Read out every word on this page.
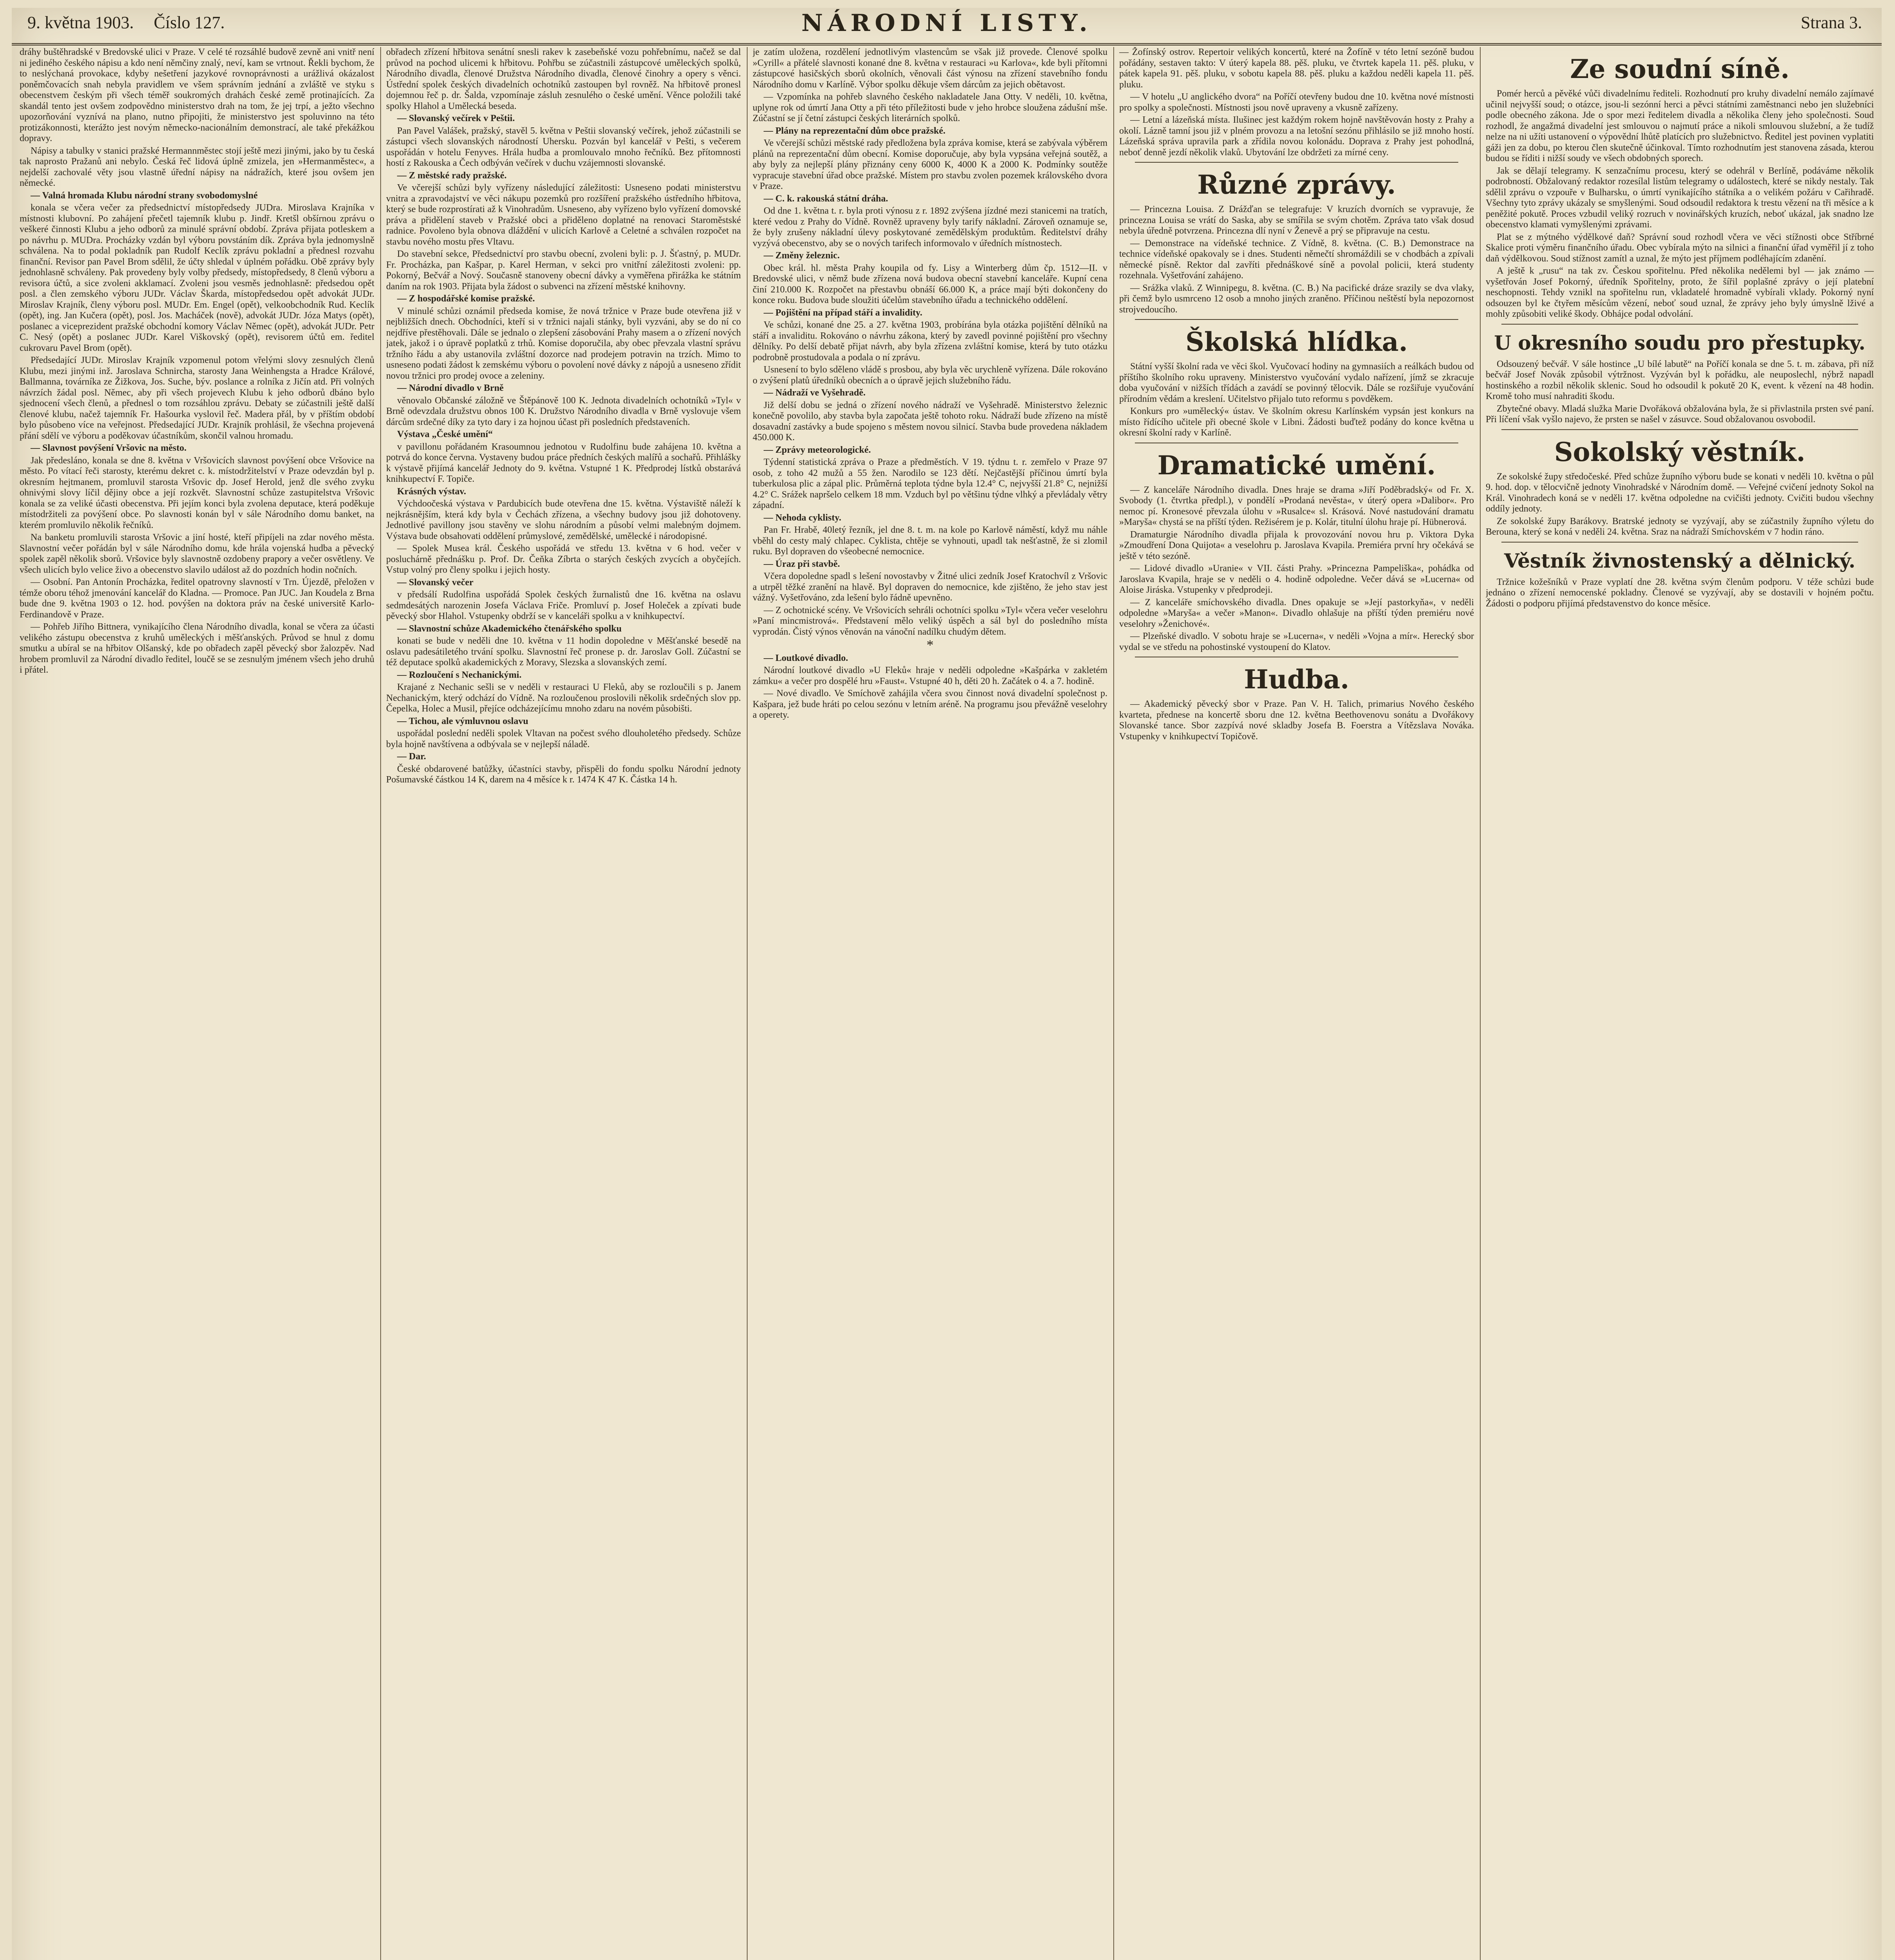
9. května 1903. Číslo 127.	NÁRODNÍ LISTY.	Strana 3.

dráhy buštěhradské v Bredovské ulici v Praze. V celé té rozsáhlé budově zevně ani vnitř není ni jediného českého nápisu a kdo není němčiny znalý, neví, kam se vrtnout. Řekli bychom, že to neslýchaná provokace, kdyby nešetření jazykové rovnoprávnosti a urážlivá okázalost poněmčovacích snah nebyla pravidlem ve všem správním jednání a zvláště ve styku s obecenstvem českým při všech téměř soukromých drahách české země protinajících. Za skandál tento jest ovšem zodpovědno ministerstvo drah na tom, že jej trpí, a ježto všechno upozorňování vyznívá na plano, nutno připojiti, že ministerstvo jest spoluvinno na této protizákonnosti, kterážto jest novým německo-nacionálním demonstrací, ale také překážkou dopravy.

Nápisy a tabulky v stanici pražské Hermannměstec stojí ještě mezi jinými, jako by tu česká tak naprosto Pražanů ani nebylo. Česká řeč lidová úplně zmizela, jen »Hermanměstec«, a nejdelší zachovalé věty jsou vlastně úřední nápisy na nádražích, které jsou ovšem jen německé.

— Valná hromada Klubu národní strany svobodomyslné

konala se včera večer za předsednictví místopředsedy JUDra. Miroslava Krajníka v místnosti klubovní. Po zahájení přečetl tajemník klubu p. Jindř. Kretšl obšírnou zprávu o veškeré činnosti Klubu a jeho odborů za minulé správní období. Zpráva přijata potleskem a po návrhu p. MUDra. Procházky vzdán byl výboru povstáním dík. Zpráva byla jednomyslně schválena. Na to podal pokladník pan Rudolf Keclík zprávu pokladní a přednesl rozvahu finanční. Revisor pan Pavel Brom sdělil, že účty shledal v úplném pořádku. Obě zprávy byly jednohlasně schváleny. Pak provedeny byly volby předsedy, místopředsedy, 8 členů výboru a revisora účtů, a sice zvoleni akklamací. Zvoleni jsou vesměs jednohlasně: předsedou opět posl. a člen zemského výboru JUDr. Václav Škarda, místopředsedou opět advokát JUDr. Miroslav Krajník, členy výboru posl. MUDr. Em. Engel (opět), velkoobchodník Rud. Keclík (opět), ing. Jan Kučera (opět), posl. Jos. Macháček (nově), advokát JUDr. Józa Matys (opět), poslanec a viceprezident pražské obchodní komory Václav Němec (opět), advokát JUDr. Petr C. Nesý (opět) a poslanec JUDr. Karel Viškovský (opět), revisorem účtů em. ředitel cukrovaru Pavel Brom (opět).

Předsedající JUDr. Miroslav Krajník vzpomenul potom vřelými slovy zesnulých členů Klubu, mezi jinými inž. Jaroslava Schnircha, starosty Jana Weinhengsta a Hradce Králové, Ballmanna, továrníka ze Žižkova, Jos. Suche, býv. poslance a rolníka z Jičín atd. Při volných návrzích žádal posl. Němec, aby při všech projevech Klubu k jeho odborů dbáno bylo sjednocení všech členů, a přednesl o tom rozsáhlou zprávu. Debaty se zúčastnili ještě další členové klubu, načež tajemník Fr. Hašourka vyslovil řeč. Madera přál, by v příštím období bylo působeno více na veřejnost. Předsedající JUDr. Krajník prohlásil, že všechna projevená přání sdělí ve výboru a poděkovav účastníkům, skončil valnou hromadu.

— Slavnost povýšení Vršovic na město.

Jak předesláno, konala se dne 8. května v Vršovicích slavnost povýšení obce Vršovice na město. Po vítací řeči starosty, kterému dekret c. k. místodržitelství v Praze odevzdán byl p. okresním hejtmanem, promluvil starosta Vršovic dp. Josef Herold, jenž dle svého zvyku ohnivými slovy líčil dějiny obce a její rozkvět. Slavnostní schůze zastupitelstva Vršovic konala se za veliké účasti obecenstva. Při jejím konci byla zvolena deputace, která poděkuje místodržiteli za povýšení obce. Po slavnosti konán byl v sále Národního domu banket, na kterém promluvilo několik řečníků.

Na banketu promluvili starosta Vršovic a jiní hosté, kteří připíjeli na zdar nového města. Slavnostní večer pořádán byl v sále Národního domu, kde hrála vojenská hudba a pěvecký spolek zapěl několik sborů. Vršovice byly slavnostně ozdobeny prapory a večer osvětleny. Ve všech ulicích bylo velice živo a obecenstvo slavilo událost až do pozdních hodin nočních.

— Osobní. Pan Antonín Procházka, ředitel opatrovny slavností v Trn. Újezdě, přeložen v témže oboru téhož jmenování kancelář do Kladna. — Promoce. Pan JUC. Jan Koudela z Brna bude dne 9. května 1903 o 12. hod. povýšen na doktora práv na české universitě Karlo-Ferdinandově v Praze.

— Pohřeb Jiřího Bittnera, vynikajícího člena Národního divadla, konal se včera za účasti velikého zástupu obecenstva z kruhů uměleckých i měšťanských. Průvod se hnul z domu smutku a ubíral se na hřbitov Olšanský, kde po obřadech zapěl pěvecký sbor žalozpěv. Nad hrobem promluvil za Národní divadlo ředitel, loučě se se zesnulým jménem všech jeho druhů i přátel.

obřadech zřízení hřbitova senátní snesli rakev k zasebeňské vozu pohřebnímu, načež se dal průvod na pochod ulicemi k hřbitovu. Pohřbu se zúčastnili zástupcové uměleckých spolků, Národního divadla, členové Družstva Národního divadla, členové činohry a opery s věnci. Ústřední spolek českých divadelních ochotníků zastoupen byl rovněž. Na hřbitově pronesl dojemnou řeč p. dr. Šalda, vzpomínaje zásluh zesnulého o české umění. Věnce položili také spolky Hlahol a Umělecká beseda.

— Slovanský večírek v Peštii.

Pan Pavel Valášek, pražský, stavěl 5. května v Peštii slovanský večírek, jehož zúčastnili se zástupci všech slovanských národností Uhersku. Pozván byl kancelář v Pešti, s večerem uspořádán v hotelu Fenyves. Hrála hudba a promlouvalo mnoho řečníků. Bez přítomnosti hostí z Rakouska a Čech odbýván večírek v duchu vzájemnosti slovanské.

— Z městské rady pražské.

Ve včerejší schůzi byly vyřízeny následující záležitosti: Usneseno podati ministerstvu vnitra a zpravodajství ve věci nákupu pozemků pro rozšíření pražského ústředního hřbitova, který se bude rozprostírati až k Vinohradům. Usneseno, aby vyřízeno bylo vyřízení domovské práva a přidělení staveb v Pražské obci a přiděleno doplatné na renovaci Staroměstské radnice. Povoleno byla obnova dláždění v ulicích Karlově a Celetné a schválen rozpočet na stavbu nového mostu přes Vltavu.

Do stavební sekce, Předsednictví pro stavbu obecní, zvoleni byli: p. J. Šťastný, p. MUDr. Fr. Procházka, pan Kašpar, p. Karel Herman, v sekci pro vnitřní záležitosti zvoleni: pp. Pokorný, Bečvář a Nový. Současně stanoveny obecní dávky a vyměřena přirážka ke státním daním na rok 1903. Přijata byla žádost o subvenci na zřízení městské knihovny.

— Z hospodářské komise pražské.

V minulé schůzi oznámil předseda komise, že nová tržnice v Praze bude otevřena již v nejbližších dnech. Obchodníci, kteří si v tržnici najali stánky, byli vyzváni, aby se do ní co nejdříve přestěhovali. Dále se jednalo o zlepšení zásobování Prahy masem a o zřízení nových jatek, jakož i o úpravě poplatků z trhů. Komise doporučila, aby obec převzala vlastní správu tržního řádu a aby ustanovila zvláštní dozorce nad prodejem potravin na trzích. Mimo to usneseno podati žádost k zemskému výboru o povolení nové dávky z nápojů a usneseno zřídit novou tržnici pro prodej ovoce a zeleniny.

— Národní divadlo v Brně

věnovalo Občanské záložně ve Štěpánově 100 K. Jednota divadelních ochotníků »Tyl« v Brně odevzdala družstvu obnos 100 K. Družstvo Národního divadla v Brně vyslovuje všem dárcům srdečné díky za tyto dary i za hojnou účast při posledních představeních.

Výstava „České umění“

v pavillonu pořádaném Krasoumnou jednotou v Rudolfinu bude zahájena 10. května a potrvá do konce června. Vystaveny budou práce předních českých malířů a sochařů. Přihlášky k výstavě přijímá kancelář Jednoty do 9. května. Vstupné 1 K. Předprodej lístků obstarává knihkupectví F. Topiče.

Krásných výstav.

Výchdoočeská výstava v Pardubicích bude otevřena dne 15. května. Výstaviště náleží k nejkrásnějším, která kdy byla v Čechách zřízena, a všechny budovy jsou již dohotoveny. Jednotlivé pavillony jsou stavěny ve slohu národním a působí velmi malebným dojmem. Výstava bude obsahovati oddělení průmyslové, zemědělské, umělecké i národopisné.

— Spolek Musea král. Českého uspořádá ve středu 13. května v 6 hod. večer v posluchárně přednášku p. Prof. Dr. Čeňka Zíbrta o starých českých zvycích a obyčejích. Vstup volný pro členy spolku i jejich hosty.

— Slovanský večer

v předsálí Rudolfina uspořádá Spolek českých žurnalistů dne 16. května na oslavu sedmdesátých narozenin Josefa Václava Friče. Promluví p. Josef Holeček a zpívati bude pěvecký sbor Hlahol. Vstupenky obdrží se v kanceláři spolku a v knihkupectví.

— Slavnostní schůze Akademického čtenářského spolku

konati se bude v neděli dne 10. května v 11 hodin dopoledne v Měšťanské besedě na oslavu padesátiletého trvání spolku. Slavnostní řeč pronese p. dr. Jaroslav Goll. Zúčastní se též deputace spolků akademických z Moravy, Slezska a slovanských zemí.

— Rozloučení s Nechanickými.

Krajané z Nechanic sešli se v neděli v restauraci U Fleků, aby se rozloučili s p. Janem Nechanickým, který odchází do Vídně. Na rozloučenou proslovili několik srdečných slov pp. Čepelka, Holec a Musil, přejíce odcházejícímu mnoho zdaru na novém působišti.

— Tichou, ale výmluvnou oslavu

uspořádal poslední neděli spolek Vltavan na počest svého dlouholetého předsedy. Schůze byla hojně navštívena a odbývala se v nejlepší náladě.

— Dar.

České obdarovené batůžky, účastníci stavby, přispěli do fondu spolku Národní jednoty Pošumavské částkou 14 K, darem na 4 měsíce k r. 1474 K 47 K. Částka 14 h.

je zatím uložena, rozdělení jednotlivým vlastencům se však již provede. Členové spolku »Cyrill« a přátelé slavnosti konané dne 8. května v restauraci »u Karlova«, kde byli přítomni zástupcové hasičských sborů okolních, věnovali část výnosu na zřízení stavebního fondu Národního domu v Karlíně. Výbor spolku děkuje všem dárcům za jejich obětavost.

— Vzpomínka na pohřeb slavného českého nakladatele Jana Otty. V neděli, 10. května, uplyne rok od úmrtí Jana Otty a při této příležitosti bude v jeho hrobce sloužena zádušní mše. Zúčastní se jí četní zástupci českých literárních spolků.

— Plány na reprezentační dům obce pražské.

Ve včerejší schůzi městské rady předložena byla zpráva komise, která se zabývala výběrem plánů na reprezentační dům obecní. Komise doporučuje, aby byla vypsána veřejná soutěž, a aby byly za nejlepší plány přiznány ceny 6000 K, 4000 K a 2000 K. Podmínky soutěže vypracuje stavební úřad obce pražské. Místem pro stavbu zvolen pozemek královského dvora v Praze.

— C. k. rakouská státní dráha.

Od dne 1. května t. r. byla proti výnosu z r. 1892 zvýšena jízdné mezi stanicemi na tratích, které vedou z Prahy do Vídně. Rovněž upraveny byly tarify nákladní. Zároveň oznamuje se, že byly zrušeny nákladní úlevy poskytované zemědělským produktům. Ředitelství dráhy vyzývá obecenstvo, aby se o nových tarifech informovalo v úředních místnostech.

— Změny železnic.

Obec král. hl. města Prahy koupila od fy. Lisy a Winterberg dům čp. 1512—II. v Bredovské ulici, v němž bude zřízena nová budova obecní stavební kanceláře. Kupní cena činí 210.000 K. Rozpočet na přestavbu obnáší 66.000 K, a práce mají býti dokončeny do konce roku. Budova bude sloužiti účelům stavebního úřadu a technického oddělení.

— Pojištění na případ stáří a invalidity.

Ve schůzi, konané dne 25. a 27. května 1903, probírána byla otázka pojištění dělníků na stáří a invaliditu. Rokováno o návrhu zákona, který by zavedl povinné pojištění pro všechny dělníky. Po delší debatě přijat návrh, aby byla zřízena zvláštní komise, která by tuto otázku podrobně prostudovala a podala o ní zprávu.

Usnesení to bylo sděleno vládě s prosbou, aby byla věc urychleně vyřízena. Dále rokováno o zvýšení platů úředníků obecních a o úpravě jejich služebního řádu.

— Nádraží ve Vyšehradě.

Již delší dobu se jedná o zřízení nového nádraží ve Vyšehradě. Ministerstvo železnic konečně povolilo, aby stavba byla započata ještě tohoto roku. Nádraží bude zřízeno na místě dosavadní zastávky a bude spojeno s městem novou silnicí. Stavba bude provedena nákladem 450.000 K.

— Zprávy meteorologické.

Týdenní statistická zpráva o Praze a předměstích. V 19. týdnu t. r. zemřelo v Praze 97 osob, z toho 42 mužů a 55 žen. Narodilo se 123 dětí. Nejčastější příčinou úmrtí byla tuberkulosa plic a zápal plic. Průměrná teplota týdne byla 12.4° C, nejvyšší 21.8° C, nejnižší 4.2° C. Srážek napršelo celkem 18 mm. Vzduch byl po většinu týdne vlhký a převládaly větry západní.

— Nehoda cyklisty.

Pan Fr. Hrabě, 40letý řezník, jel dne 8. t. m. na kole po Karlově náměstí, když mu náhle vběhl do cesty malý chlapec. Cyklista, chtěje se vyhnouti, upadl tak nešťastně, že si zlomil ruku. Byl dopraven do všeobecné nemocnice.

— Úraz při stavbě.

Včera dopoledne spadl s lešení novostavby v Žitné ulici zedník Josef Kratochvíl z Vršovic a utrpěl těžké zranění na hlavě. Byl dopraven do nemocnice, kde zjištěno, že jeho stav jest vážný. Vyšetřováno, zda lešení bylo řádně upevněno.

— Z ochotnické scény. Ve Vršovicích sehráli ochotníci spolku »Tyl« včera večer veselohru »Paní mincmistrová«. Představení mělo veliký úspěch a sál byl do posledního místa vyprodán. Čistý výnos věnován na vánoční nadílku chudým dětem.

*

— Loutkové divadlo.

Národní loutkové divadlo »U Fleků« hraje v neděli odpoledne »Kašpárka v zakletém zámku« a večer pro dospělé hru »Faust«. Vstupné 40 h, děti 20 h. Začátek o 4. a 7. hodině.

— Nové divadlo. Ve Smíchově zahájila včera svou činnost nová divadelní společnost p. Kašpara, jež bude hráti po celou sezónu v letním aréně. Na programu jsou převážně veselohry a operety.

— Žofínský ostrov. Repertoir velikých koncertů, které na Žofíně v této letní sezóně budou pořádány, sestaven takto: V úterý kapela 88. pěš. pluku, ve čtvrtek kapela 11. pěš. pluku, v pátek kapela 91. pěš. pluku, v sobotu kapela 88. pěš. pluku a každou neděli kapela 11. pěš. pluku.

— V hotelu „U anglického dvora“ na Poříčí otevřeny budou dne 10. května nové místnosti pro spolky a společnosti. Místnosti jsou nově upraveny a vkusně zařízeny.

— Letní a lázeňská místa. Ilušinec jest každým rokem hojně navštěvován hosty z Prahy a okolí. Lázně tamní jsou již v plném provozu a na letošní sezónu přihlásilo se již mnoho hostí. Lázeňská správa upravila park a zřídila novou kolonádu. Doprava z Prahy jest pohodlná, neboť denně jezdí několik vlaků. Ubytování lze obdržeti za mírné ceny.

Různé zprávy.

— Princezna Louisa. Z Drážďan se telegrafuje: V kruzích dvorních se vypravuje, že princezna Louisa se vrátí do Saska, aby se smířila se svým chotěm. Zpráva tato však dosud nebyla úředně potvrzena. Princezna dlí nyní v Ženevě a prý se připravuje na cestu.

— Demonstrace na vídeňské technice. Z Vídně, 8. května. (C. B.) Demonstrace na technice vídeňské opakovaly se i dnes. Studenti němečtí shromáždili se v chodbách a zpívali německé písně. Rektor dal zavříti přednáškové síně a povolal policii, která studenty rozehnala. Vyšetřování zahájeno.

— Srážka vlaků. Z Winnipegu, 8. května. (C. B.) Na pacifické dráze srazily se dva vlaky, při čemž bylo usmrceno 12 osob a mnoho jiných zraněno. Příčinou neštěstí byla nepozornost strojvedoucího.

Školská hlídka.

Státní vyšší školní rada ve věci škol. Vyučovací hodiny na gymnasiích a reálkách budou od příštího školního roku upraveny. Ministerstvo vyučování vydalo nařízení, jímž se zkracuje doba vyučování v nižších třídách a zavádí se povinný tělocvik. Dále se rozšiřuje vyučování přírodním vědám a kreslení. Učitelstvo přijalo tuto reformu s povděkem.

Konkurs pro »umělecký« ústav. Ve školním okresu Karlínském vypsán jest konkurs na místo řídícího učitele při obecné škole v Libni. Žádosti buďtež podány do konce května u okresní školní rady v Karlíně.

Dramatické umění.

— Z kanceláře Národního divadla. Dnes hraje se drama »Jiří Poděbradský« od Fr. X. Svobody (1. čtvrtka předpl.), v pondělí »Prodaná nevěsta«, v úterý opera »Dalibor«. Pro nemoc pí. Kronesové převzala úlohu v »Rusalce« sl. Krásová. Nové nastudování dramatu »Maryša« chystá se na příští týden. Režisérem je p. Kolár, titulní úlohu hraje pí. Hübnerová.

Dramaturgie Národního divadla přijala k provozování novou hru p. Viktora Dyka »Zmoudření Dona Quijota« a veselohru p. Jaroslava Kvapila. Premiéra první hry očekává se ještě v této sezóně.

— Lidové divadlo »Uranie« v VII. části Prahy. »Princezna Pampeliška«, pohádka od Jaroslava Kvapila, hraje se v neděli o 4. hodině odpoledne. Večer dává se »Lucerna« od Aloise Jiráska. Vstupenky v předprodeji.

— Z kanceláře smíchovského divadla. Dnes opakuje se »Její pastorkyňa«, v neděli odpoledne »Maryša« a večer »Manon«. Divadlo ohlašuje na příští týden premiéru nové veselohry »Ženichové«.

— Plzeňské divadlo. V sobotu hraje se »Lucerna«, v neděli »Vojna a mír«. Herecký sbor vydal se ve středu na pohostinské vystoupení do Klatov.

Hudba.

— Akademický pěvecký sbor v Praze. Pan V. H. Talich, primarius Nového českého kvarteta, přednese na koncertě sboru dne 12. května Beethovenovu sonátu a Dvořákovy Slovanské tance. Sbor zazpívá nové skladby Josefa B. Foerstra a Vítězslava Nováka. Vstupenky v knihkupectví Topičově.

Ze soudní síně.

Pomér herců a pěvěké vůči divadelnímu řediteli. Rozhodnutí pro kruhy divadelní nemálo zajímavé učinil nejvyšší soud; o otázce, jsou-li sezónní herci a pěvci státními zaměstnanci nebo jen služebníci podle obecného zákona. Jde o spor mezi ředitelem divadla a několika členy jeho společnosti. Soud rozhodl, že angažmá divadelní jest smlouvou o najmutí práce a nikoli smlouvou služební, a že tudíž nelze na ni užíti ustanovení o výpovědní lhůtě platících pro služebnictvo. Ředitel jest povinen vyplatiti gáži jen za dobu, po kterou člen skutečně účinkoval. Tímto rozhodnutím jest stanovena zásada, kterou budou se říditi i nižší soudy ve všech obdobných sporech.

Jak se dělají telegramy. K senzačnímu procesu, který se odehrál v Berlíně, podáváme několik podrobností. Obžalovaný redaktor rozesílal listům telegramy o událostech, které se nikdy nestaly. Tak sdělil zprávu o vzpouře v Bulharsku, o úmrtí vynikajícího státníka a o velikém požáru v Cařihradě. Všechny tyto zprávy ukázaly se smyšlenými. Soud odsoudil redaktora k trestu vězení na tři měsíce a k peněžité pokutě. Proces vzbudil veliký rozruch v novinářských kruzích, neboť ukázal, jak snadno lze obecenstvo klamati vymyšlenými zprávami.

Plat se z mýtného výdělkové daň? Správní soud rozhodl včera ve věci stížnosti obce Stříbrné Skalice proti výměru finančního úřadu. Obec vybírala mýto na silnici a finanční úřad vyměřil jí z toho daň výdělkovou. Soud stížnost zamítl a uznal, že mýto jest příjmem podléhajícím zdanění.

A ještě k „rusu“ na tak zv. Českou spořitelnu. Před několika nedělemi byl — jak známo — vyšetřován Josef Pokorný, úředník Spořitelny, proto, že šířil poplašné zprávy o její platební neschopnosti. Tehdy vznikl na spořitelnu run, vkladatelé hromadně vybírali vklady. Pokorný nyní odsouzen byl ke čtyřem měsícům vězení, neboť soud uznal, že zprávy jeho byly úmyslně lživé a mohly způsobiti veliké škody. Obhájce podal odvolání.

U okresního soudu pro přestupky.

Odsouzený bečvář. V sále hostince „U bílé labutě“ na Poříčí konala se dne 5. t. m. zábava, při níž bečvář Josef Novák způsobil výtržnost. Vyzýván byl k pořádku, ale neuposlechl, nýbrž napadl hostinského a rozbil několik sklenic. Soud ho odsoudil k pokutě 20 K, event. k vězení na 48 hodin. Kromě toho musí nahraditi škodu.

Zbytečné obavy. Mladá služka Marie Dvořáková obžalována byla, že si přivlastnila prsten své paní. Při líčení však vyšlo najevo, že prsten se našel v zásuvce. Soud obžalovanou osvobodil.

Sokolský věstník.

Ze sokolské župy středočeské. Před schůze župního výboru bude se konati v neděli 10. května o půl 9. hod. dop. v tělocvičně jednoty Vinohradské v Národním domě. — Veřejné cvičení jednoty Sokol na Král. Vinohradech koná se v neděli 17. května odpoledne na cvičišti jednoty. Cvičiti budou všechny oddíly jednoty.

Ze sokolské župy Barákovy. Bratrské jednoty se vyzývají, aby se zúčastnily župního výletu do Berouna, který se koná v neděli 24. května. Sraz na nádraží Smíchovském v 7 hodin ráno.

Věstník živnostenský a dělnický.

Tržnice kožešníků v Praze vyplatí dne 28. května svým členům podporu. V téže schůzi bude jednáno o zřízení nemocenské pokladny. Členové se vyzývají, aby se dostavili v hojném počtu. Žádosti o podporu přijímá představenstvo do konce měsíce.
